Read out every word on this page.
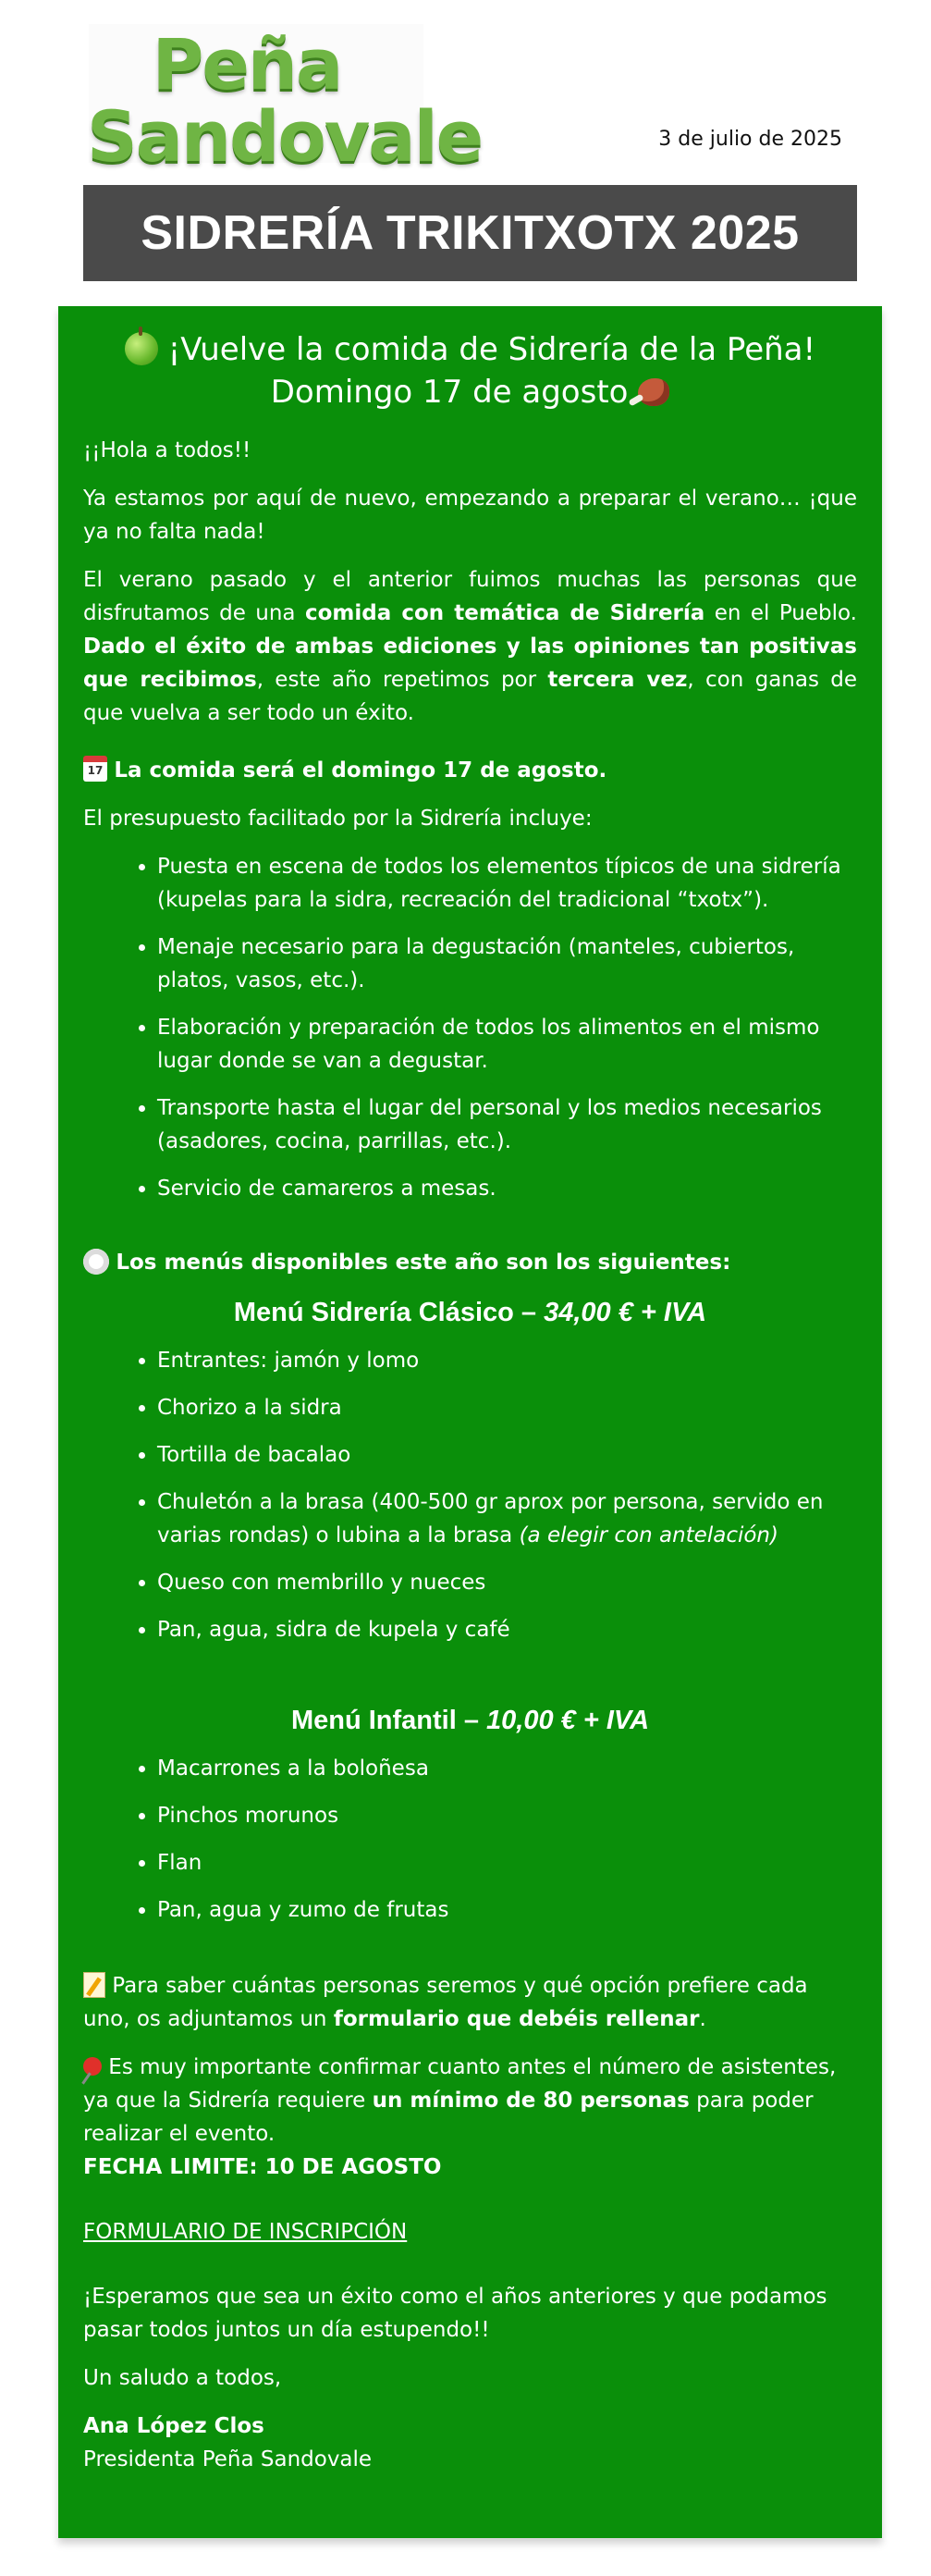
Peña
Sandovale	3 de julio de 2025
SIDRERÍA TRIKITXOTX 2025
¡Vuelve la comida de Sidrería de la Peña!
Domingo 17 de agosto

¡¡Hola a todos!!

Ya estamos por aquí de nuevo, empezando a preparar el verano… ¡que ya no falta nada!

El verano pasado y el anterior fuimos muchas las personas que disfrutamos de una comida con temática de Sidrería en el Pueblo. Dado el éxito de ambas ediciones y las opiniones tan positivas que recibimos, este año repetimos por tercera vez, con ganas de que vuelva a ser todo un éxito.

17 La comida será el domingo 17 de agosto.

El presupuesto facilitado por la Sidrería incluye:

• Puesta en escena de todos los elementos típicos de una sidrería (kupelas para la sidra, recreación del tradicional “txotx”).
• Menaje necesario para la degustación (manteles, cubiertos, platos, vasos, etc.).
• Elaboración y preparación de todos los alimentos en el mismo lugar donde se van a degustar.
• Transporte hasta el lugar del personal y los medios necesarios (asadores, cocina, parrillas, etc.).
• Servicio de camareros a mesas.

Los menús disponibles este año son los siguientes:

Menú Sidrería Clásico – 34,00 € + IVA
• Entrantes: jamón y lomo
• Chorizo a la sidra
• Tortilla de bacalao
• Chuletón a la brasa (400-500 gr aprox por persona, servido en varias rondas) o lubina a la brasa (a elegir con antelación)
• Queso con membrillo y nueces
• Pan, agua, sidra de kupela y café
Menú Infantil – 10,00 € + IVA
• Macarrones a la boloñesa
• Pinchos morunos
• Flan
• Pan, agua y zumo de frutas

Para saber cuántas personas seremos y qué opción prefiere cada uno, os adjuntamos un formulario que debéis rellenar.

Es muy importante confirmar cuanto antes el número de asistentes, ya que la Sidrería requiere un mínimo de 80 personas para poder realizar el evento.
FECHA LIMITE: 10 DE AGOSTO

FORMULARIO DE INSCRIPCIÓN

¡Esperamos que sea un éxito como el años anteriores y que podamos pasar todos juntos un día estupendo!!

Un saludo a todos,

Ana López Clos
Presidenta Peña Sandovale
